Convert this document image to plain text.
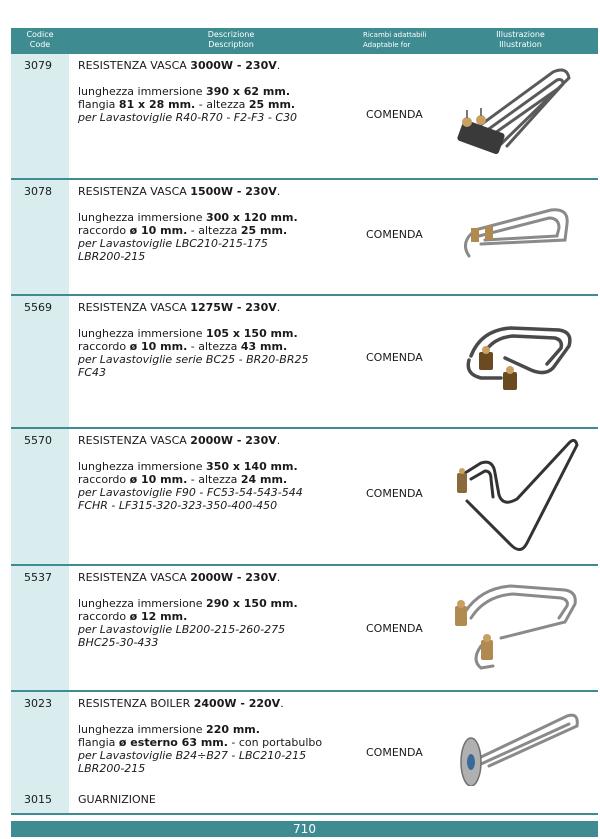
Codice
Code
Descrizione
Description
Ricambi adattabili
Adaptable for
Illustrazione
Illustration
3079 RESISTENZA VASCA 3000W - 230V.
lunghezza immersione 390 x 62 mm.
flangia 81 x 28 mm. - altezza 25 mm.
per Lavastoviglie R40-R70 - F2-F3 - C30	COMENDA
3078 RESISTENZA VASCA 1500W - 230V.
lunghezza immersione 300 x 120 mm.
raccordo ø 10 mm. - altezza 25 mm.
per Lavastoviglie LBC210-215-175
LBR200-215
COMENDA
5569 RESISTENZA VASCA 1275W - 230V.
lunghezza immersione 105 x 150 mm.
raccordo ø 10 mm. - altezza 43 mm.
per Lavastoviglie serie BC25 - BR20-BR25
FC43
COMENDA
5570 RESISTENZA VASCA 2000W - 230V.
lunghezza immersione 350 x 140 mm.
raccordo ø 10 mm. - altezza 24 mm.
per Lavastoviglie F90 - FC53-54-543-544
FCHR - LF315-320-323-350-400-450
COMENDA
5537 RESISTENZA VASCA 2000W - 230V.
lunghezza immersione 290 x 150 mm.
raccordo ø 12 mm.
per Lavastoviglie LB200-215-260-275
BHC25-30-433
COMENDA
3023 RESISTENZA BOILER 2400W - 220V.
lunghezza immersione 220 mm.
flangia ø esterno 63 mm. - con portabulbo
per Lavastoviglie B24÷B27 - LBC210-215
LBR200-215
COMENDA
3015 GUARNIZIONE
710
